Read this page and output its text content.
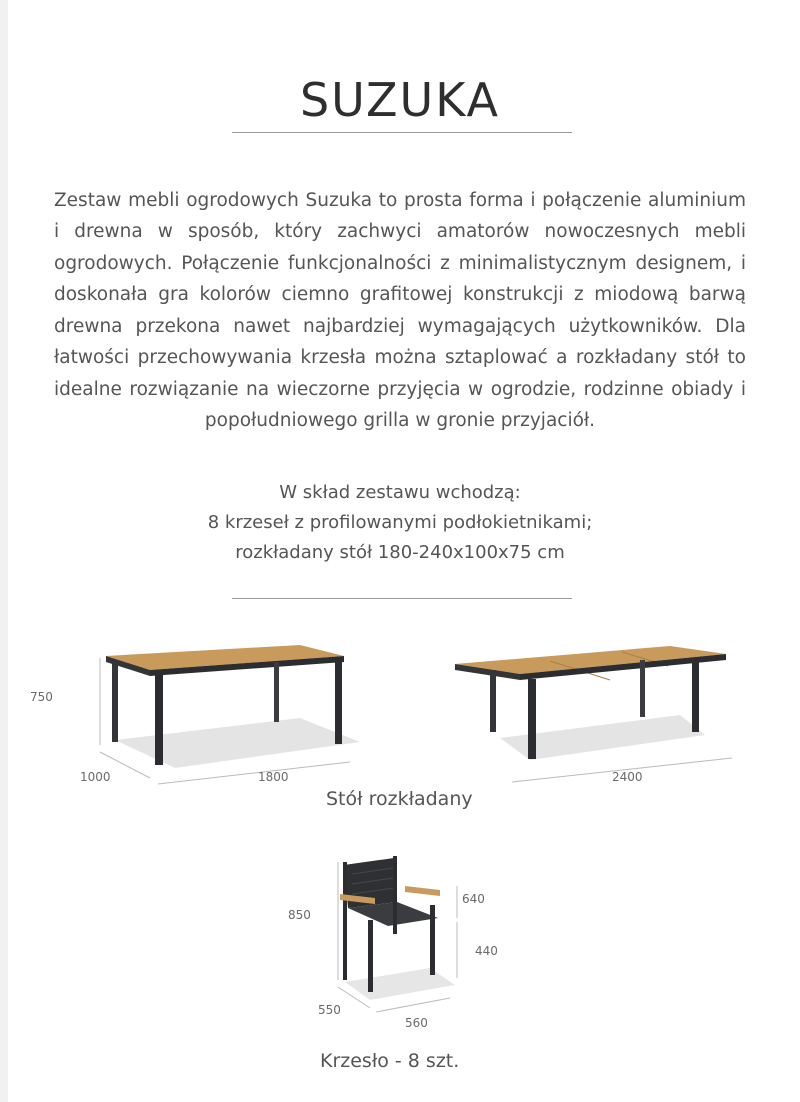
SUZUKA

Zestaw mebli ogrodowych Suzuka to prosta forma i połączenie aluminium i drewna w sposób, który zachwyci amatorów nowoczesnych mebli ogrodowych. Połączenie funkcjonalności z minimalistycznym designem, i doskonała gra kolorów ciemno grafitowej konstrukcji z miodową barwą drewna przekona nawet najbardziej wymagających użytkowników. Dla łatwości przechowywania krzesła można sztaplować a rozkładany stół to idealne rozwiązanie na wieczorne przyjęcia w ogrodzie, rodzinne obiady i popołudniowego grilla w gronie przyjaciół.

W skład zestawu wchodzą:
8 krzeseł z profilowanymi podłokietnikami;
rozkładany stół 180-240x100x75 cm
750
1000	1800	2400
Stół rozkładany
850
640
440
550
560
Krzesło - 8 szt.
